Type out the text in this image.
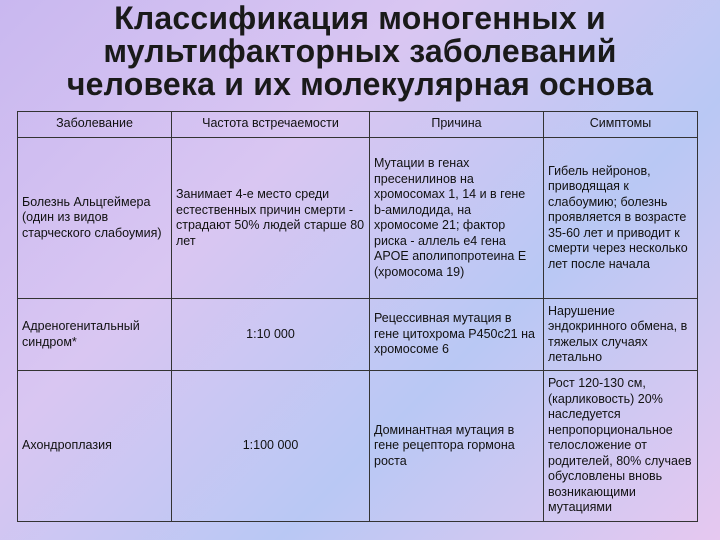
Классификация моногенных и
мультифакторных заболеваний
человека и их молекулярная основа
Заболевание	Частота встречаемости	Причина	Симптомы
Болезнь Альцгеймера (один из видов старческого слабоумия)	Занимает 4-е место среди естественных причин смерти - страдают 50% людей старше 80 лет	Мутации в генах пресенилинов на хромосомах 1, 14 и в гене b-амилодида, на хромосоме 21; фактор риска - аллель е4 гена APOE аполипопротеина Е (хромосома 19)	Гибель нейронов, приводящая к слабоумию; болезнь проявляется в возрасте 35-60 лет и приводит к смерти через несколько лет после начала
Адреногенитальный синдром*	1:10 000	Рецессивная мутация в гене цитохрома P450c21 на хромосоме 6	Нарушение эндокринного обмена, в тяжелых случаях летально
Ахондроплазия	1:100 000	Доминантная мутация в гене рецептора гормона роста	Рост 120-130 см, (карликовость) 20% наследуется непропорциональное телосложение от родителей, 80% случаев обусловлены вновь возникающими мутациями
